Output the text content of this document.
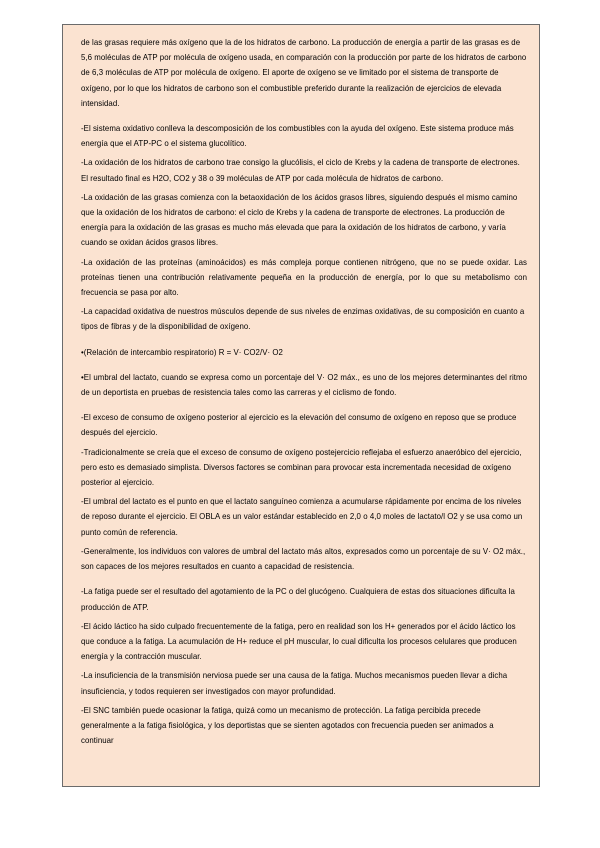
de las grasas requiere más oxígeno que la de los hidratos de carbono. La producción de energía a partir de las grasas es de 5,6 moléculas de ATP por molécula de oxígeno usada, en comparación con la producción por parte de los hidratos de carbono de 6,3 moléculas de ATP por molécula de oxígeno. El aporte de oxígeno se ve limitado por el sistema de transporte de oxígeno, por lo que los hidratos de carbono son el combustible preferido durante la realización de ejercicios de elevada intensidad.

-El sistema oxidativo conlleva la descomposición de los combustibles con la ayuda del oxígeno. Este sistema produce más energía que el ATP-PC o el sistema glucolítico.

-La oxidación de los hidratos de carbono trae consigo la glucólisis, el ciclo de Krebs y la cadena de transporte de electrones. El resultado final es H2O, CO2 y 38 o 39 moléculas de ATP por cada molécula de hidratos de carbono.

-La oxidación de las grasas comienza con la betaoxidación de los ácidos grasos libres, siguiendo después el mismo camino que la oxidación de los hidratos de carbono: el ciclo de Krebs y la cadena de transporte de electrones. La producción de energía para la oxidación de las grasas es mucho más elevada que para la oxidación de los hidratos de carbono, y varía cuando se oxidan ácidos grasos libres.

-La oxidación de las proteínas (aminoácidos) es más compleja porque contienen nitrógeno, que no se puede oxidar. Las proteínas tienen una contribución relativamente pequeña en la producción de energía, por lo que su metabolismo con frecuencia se pasa por alto.

-La capacidad oxidativa de nuestros músculos depende de sus niveles de enzimas oxidativas, de su composición en cuanto a tipos de fibras y de la disponibilidad de oxígeno.

•(Relación de intercambio respiratorio) R = V· CO2/V· O2

•El umbral del lactato, cuando se expresa como un porcentaje del V· O2 máx., es uno de los mejores determinantes del ritmo de un deportista en pruebas de resistencia tales como las carreras y el ciclismo de fondo.

-El exceso de consumo de oxígeno posterior al ejercicio es la elevación del consumo de oxígeno en reposo que se produce después del ejercicio.

-Tradicionalmente se creía que el exceso de consumo de oxígeno postejercicio reflejaba el esfuerzo anaeróbico del ejercicio, pero esto es demasiado simplista. Diversos factores se combinan para provocar esta incrementada necesidad de oxígeno posterior al ejercicio.

-El umbral del lactato es el punto en que el lactato sanguíneo comienza a acumularse rápidamente por encima de los niveles de reposo durante el ejercicio. El OBLA es un valor estándar establecido en 2,0 o 4,0 moles de lactato/l O2 y se usa como un punto común de referencia.

-Generalmente, los individuos con valores de umbral del lactato más altos, expresados como un porcentaje de su V· O2 máx., son capaces de los mejores resultados en cuanto a capacidad de resistencia.

-La fatiga puede ser el resultado del agotamiento de la PC o del glucógeno. Cualquiera de estas dos situaciones dificulta la producción de ATP.

-El ácido láctico ha sido culpado frecuentemente de la fatiga, pero en realidad son los H+ generados por el ácido láctico los que conduce a la fatiga. La acumulación de H+ reduce el pH muscular, lo cual dificulta los procesos celulares que producen energía y la contracción muscular.

-La insuficiencia de la transmisión nerviosa puede ser una causa de la fatiga. Muchos mecanismos pueden llevar a dicha insuficiencia, y todos requieren ser investigados con mayor profundidad.

-El SNC también puede ocasionar la fatiga, quizá como un mecanismo de protección. La fatiga percibida precede generalmente a la fatiga fisiológica, y los deportistas que se sienten agotados con frecuencia pueden ser animados a continuar
